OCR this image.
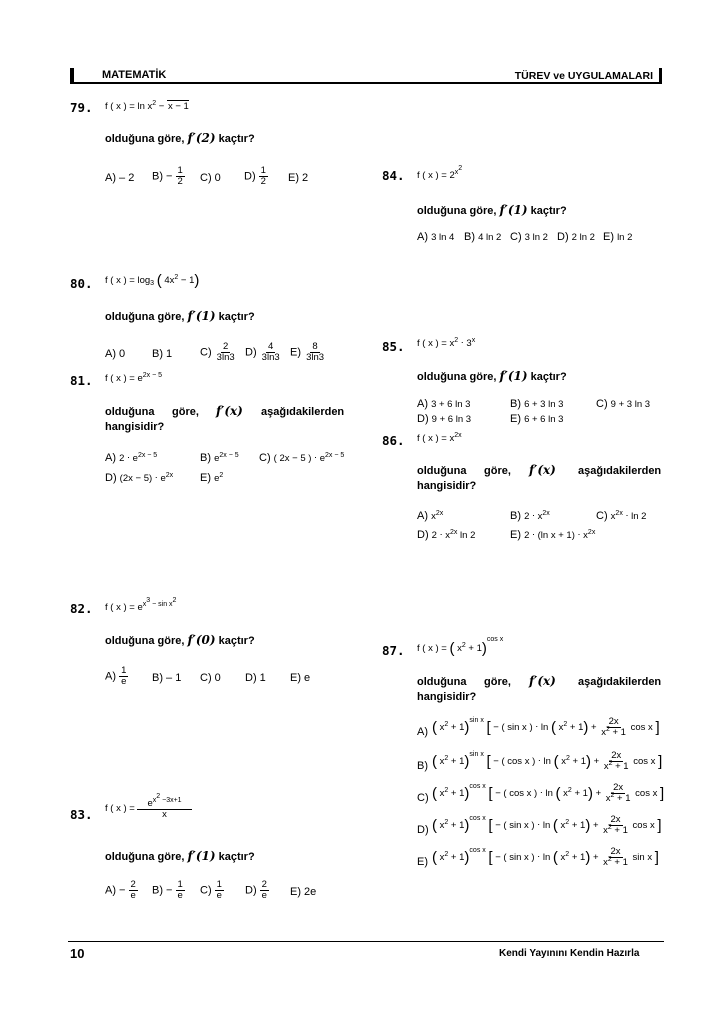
MATEMATİK	TÜREV ve UYGULAMALARI
79. f ( x ) = $\ln x^2 - x - 1$
olduğuna göre, f′(2) kaçtır?
A) – 2 $B) - \frac{1}{2} C$) 0 $D) \frac{1}{2} E$) 2
80. f ( x ) = $\log_3$ ( $4x^2 - 1$)
olduğuna göre, f′(1) kaçtır?
A) 0 B) 1	$C) \frac{2}{3\ln 3} D) \frac{4}{3\ln 3} E) \frac{8}{3\ln 3}$
81. f ( x ) = $e^{2x - 5}$
olduğuna göre, f′(x) aşağıdakilerden
hangisidir?
A) $2 \cdot e^{2x - 5}$	B) $e^{2x - 5}$ C) ( 2x − 5 ) ⋅ $e^{2x - 5}$
D) $(2x - 5) \cdot e^{2x}$ E) $e^2$
82. f ( x ) = $e^{x^3 - sin x^2}$
olduğuna göre, f′(0) kaçtır?
$A) \frac{1}{e} B) - 1$ C) 0 D) 1 E) e
83. f ( x ) = $\frac{e^{x^2 -3x+1}}{x}$
olduğuna göre, f′(1) kaçtır?
$A) - \frac{2}{e} B) - \frac{1}{e} C) \frac{1}{e} D) \frac{2}{e} E$) 2e
84. f ( x ) = $2^{x^2}$
olduğuna göre, f′(1) kaçtır?
A) 3 ln 4 B) 4 ln 2 C) 3 ln 2 D) 2 ln 2 E) ln 2
85. f ( x ) = $x^2 \cdot 3^x$
olduğuna göre, f′(1) kaçtır?
A) 3 + 6 ln 3	B) 6 + 3 ln 3	C) 9 + 3 ln 3
D) 9 + 6 ln 3	E) 6 + 6 ln 3
86. f ( x ) = $x^{2x}$
olduğuna göre, f′(x) aşağıdakilerden
hangisidir?
A) $x^{2x}$	B) $2 \cdot x^{2x}$	C) $x^{2x} \cdot \ln 2$
D) $2 \cdot x^{2x}$ ln 2	E) 2 ⋅ (ln $x + 1) \cdot x^{2x}$
87. f ( x ) = ( $x^2 + 1)^{cos x}$
olduğuna göre, f′(x) aşağıdakilerden
hangisidir?
A) ( $x^2 + 1)^{sin x}$ [ − ( sin x ) ⋅ ln ( $x^2 + 1) + \frac{2x}{x^2 + 1}$ cos x ]
B) ( $x^2 + 1)^{sin x}$ [ − ( cos x ) ⋅ ln ( $x^2 + 1) + \frac{2x}{x^2 + 1}$ cos x ]
C) ( $x^2 + 1)^{cos x}$ [ − ( cos x ) ⋅ ln ( $x^2 + 1) + \frac{2x}{x^2 + 1}$ cos x ]
D) ( $x^2 + 1)^{cos x}$ [ − ( sin x ) ⋅ ln ( $x^2 + 1) + \frac{2x}{x^2 + 1}$ cos x ]
E) ( $x^2 + 1)^{cos x}$ [ − ( sin x ) ⋅ ln ( $x^2 + 1) + \frac{2x}{x^2 + 1}$ sin x ]
10	Kendi Yayınını Kendin Hazırla
